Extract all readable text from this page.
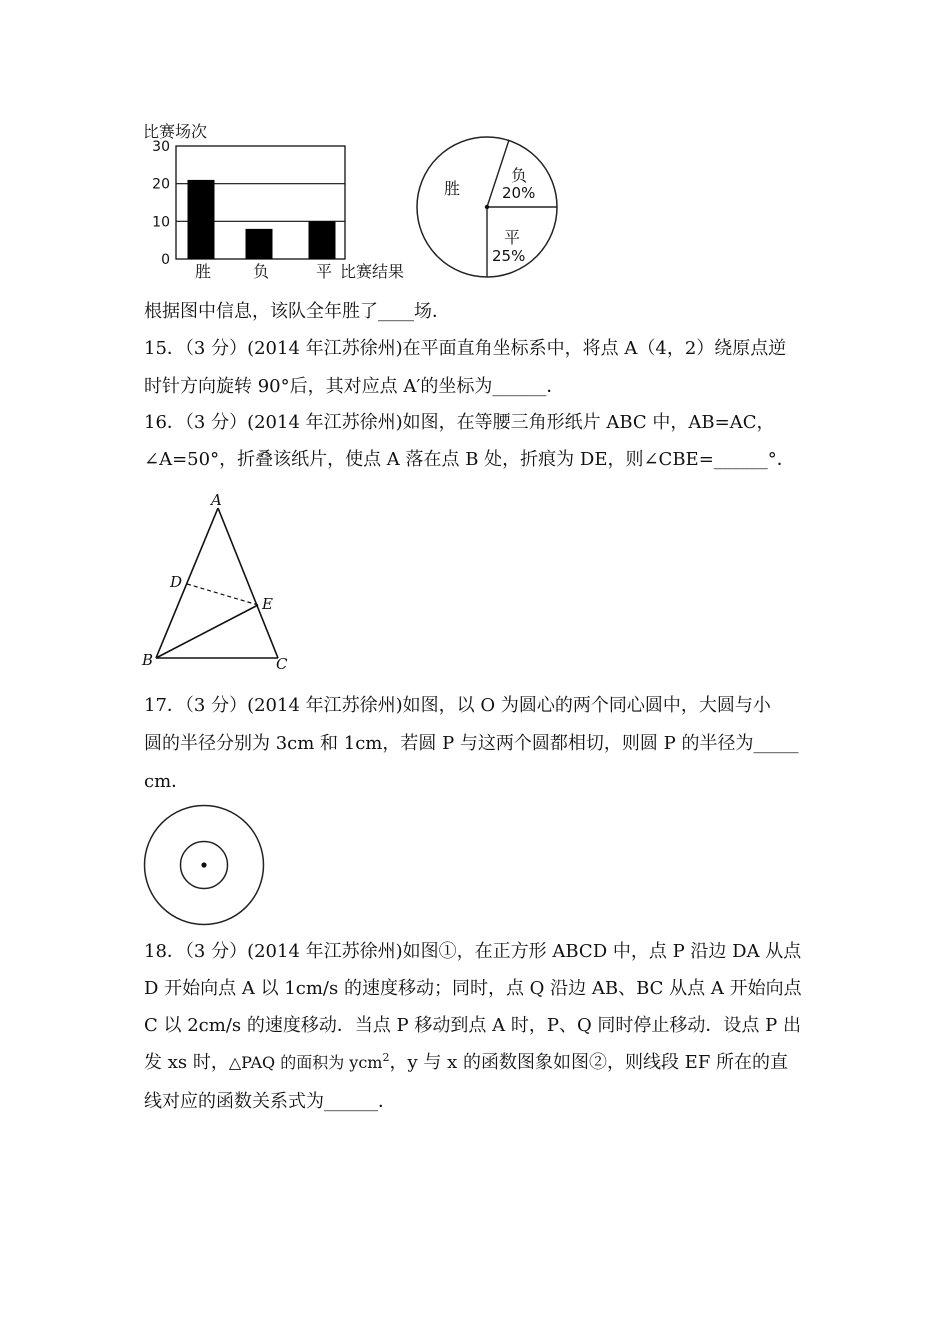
比赛场次
0
10
20
30
胜	负	平 比赛结果
胜
负
20%
平
25%
根据图中信息，该队全年胜了____场．
15．（3 分）(2014 年江苏徐州)在平面直角坐标系中，将点 A（4，2）绕原点逆
时针方向旋转 90°后，其对应点 A′的坐标为______．
16．（3 分）(2014 年江苏徐州)如图，在等腰三角形纸片 ABC 中，AB=AC，
∠A=50°，折叠该纸片，使点 A 落在点 B 处，折痕为 DE，则∠CBE=______°．
A
D
E
B	C
17．（3 分）(2014 年江苏徐州)如图，以 O 为圆心的两个同心圆中，大圆与小
圆的半径分别为 3cm 和 1cm，若圆 P 与这两个圆都相切，则圆 P 的半径为_____
cm．
18．（3 分）(2014 年江苏徐州)如图①，在正方形 ABCD 中，点 P 沿边 DA 从点
D 开始向点 A 以 1cm/s 的速度移动；同时，点 Q 沿边 AB、BC 从点 A 开始向点
C 以 2cm/s 的速度移动．当点 P 移动到点 A 时，P、Q 同时停止移动．设点 P 出
发 xs 时，△PAQ 的面积为 ycm$^2$，y 与 x 的函数图象如图②，则线段 EF 所在的直
线对应的函数关系式为______．
